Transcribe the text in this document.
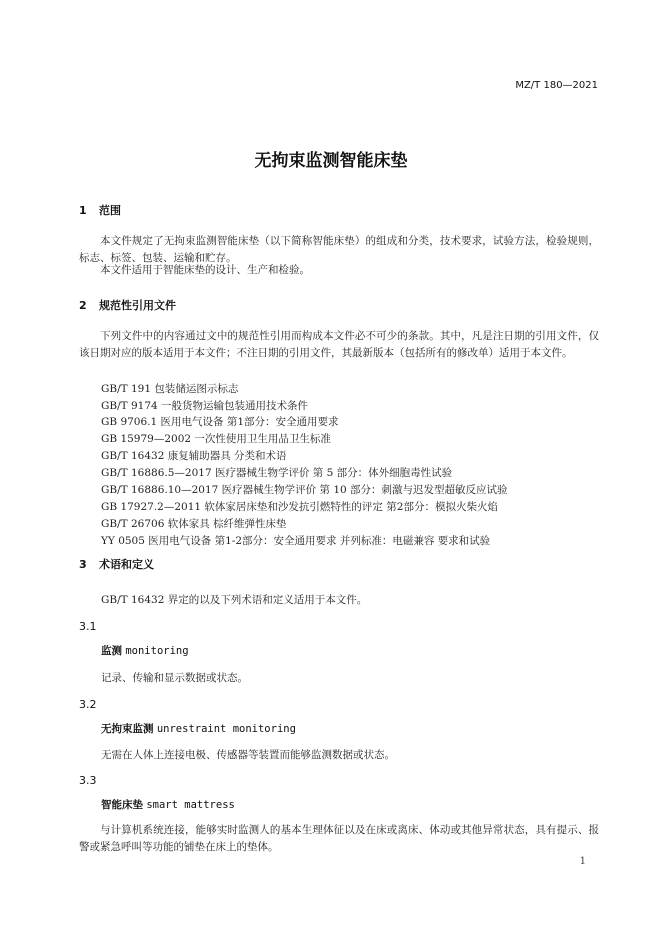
MZ/T 180—2021
无拘束监测智能床垫
1 范围
本文件规定了无拘束监测智能床垫（以下简称智能床垫）的组成和分类，技术要求，试验方法，检验规则，标志、标签、包装、运输和贮存。
本文件适用于智能床垫的设计、生产和检验。
2 规范性引用文件
下列文件中的内容通过文中的规范性引用而构成本文件必不可少的条款。其中，凡是注日期的引用文件，仅该日期对应的版本适用于本文件；不注日期的引用文件，其最新版本（包括所有的修改单）适用于本文件。
GB/T 191 包装储运图示标志
GB/T 9174 一般货物运输包装通用技术条件
GB 9706.1 医用电气设备 第1部分：安全通用要求
GB 15979—2002 一次性使用卫生用品卫生标准
GB/T 16432 康复辅助器具 分类和术语
GB/T 16886.5—2017 医疗器械生物学评价 第 5 部分：体外细胞毒性试验
GB/T 16886.10—2017 医疗器械生物学评价 第 10 部分：刺激与迟发型超敏反应试验
GB 17927.2—2011 软体家居床垫和沙发抗引燃特性的评定 第2部分：模拟火柴火焰
GB/T 26706 软体家具 棕纤维弹性床垫
YY 0505 医用电气设备 第1-2部分：安全通用要求 并列标准：电磁兼容 要求和试验
3 术语和定义
GB/T 16432 界定的以及下列术语和定义适用于本文件。
3.1
监测 monitoring
记录、传输和显示数据或状态。
3.2
无拘束监测 unrestraint monitoring
无需在人体上连接电极、传感器等装置而能够监测数据或状态。
3.3
智能床垫 smart mattress
与计算机系统连接，能够实时监测人的基本生理体征以及在床或离床、体动或其他异常状态，具有提示、报警或紧急呼叫等功能的铺垫在床上的垫体。
1
